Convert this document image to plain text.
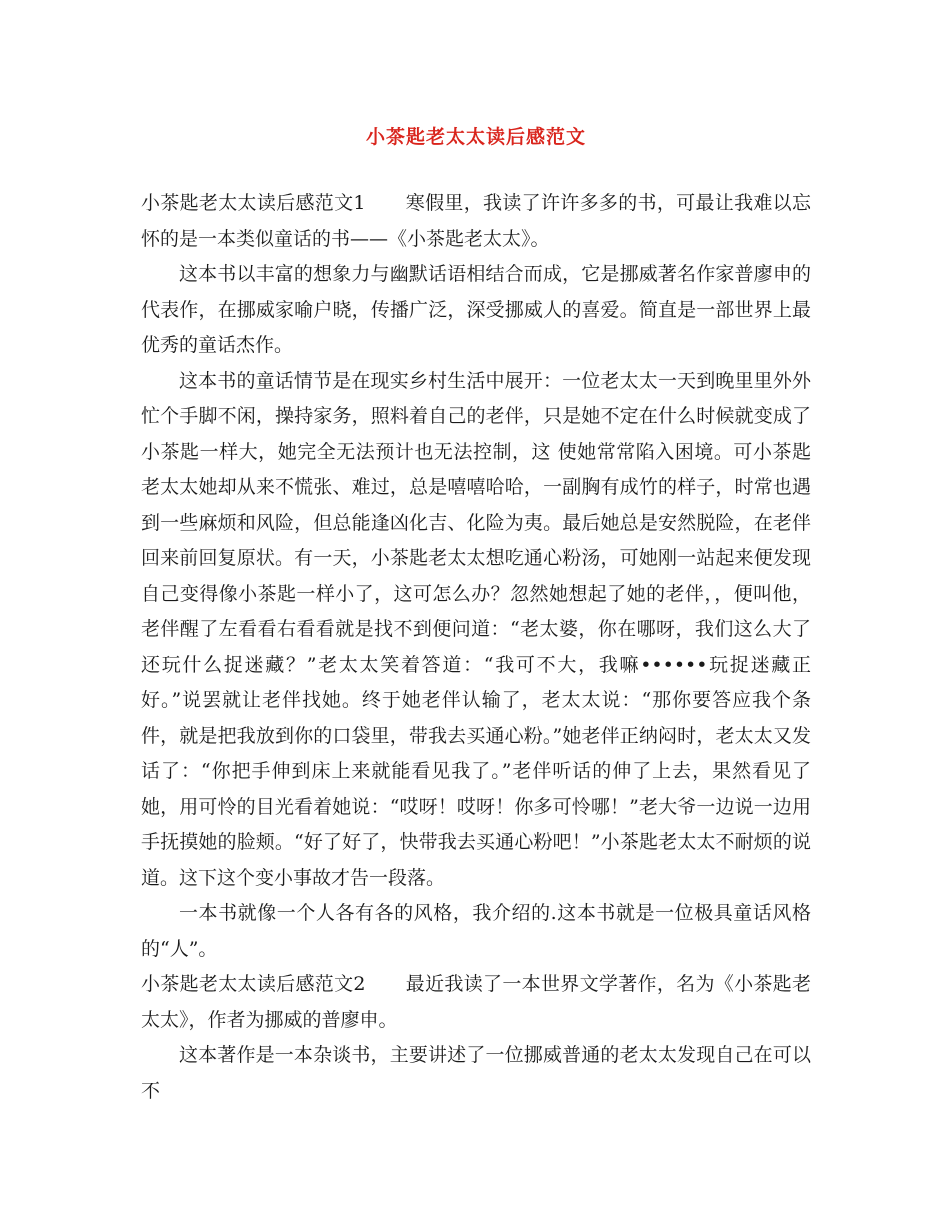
小茶匙老太太读后感范文

小茶匙老太太读后感范文1 寒假里，我读了许许多多的书，可最让我难以忘怀的是一本类似童话的书——《小茶匙老太太》。

这本书以丰富的想象力与幽默话语相结合而成，它是挪威著名作家普廖申的代表作，在挪威家喻户晓，传播广泛，深受挪威人的喜爱。简直是一部世界上最优秀的童话杰作。

这本书的童话情节是在现实乡村生活中展开：一位老太太一天到晚里里外外忙个手脚不闲，操持家务，照料着自己的老伴，只是她不定在什么时候就变成了小茶匙一样大，她完全无法预计也无法控制，这 使她常常陷入困境。可小茶匙老太太她却从来不慌张、难过，总是嘻嘻哈哈，一副胸有成竹的样子，时常也遇到一些麻烦和风险，但总能逢凶化吉、化险为夷。最后她总是安然脱险，在老伴回来前回复原状。有一天，小茶匙老太太想吃通心粉汤，可她刚一站起来便发现自己变得像小茶匙一样小了，这可怎么办？忽然她想起了她的老伴，，便叫他，老伴醒了左看看右看看就是找不到便问道：“老太婆，你在哪呀，我们这么大了还玩什么捉迷藏？”老太太笑着答道：“我可不大，我嘛••••••玩捉迷藏正好。”说罢就让老伴找她。终于她老伴认输了，老太太说：“那你要答应我个条件，就是把我放到你的口袋里，带我去买通心粉。”她老伴正纳闷时，老太太又发话了：“你把手伸到床上来就能看见我了。”老伴听话的伸了上去，果然看见了她，用可怜的目光看着她说：“哎呀！哎呀！你多可怜哪！”老大爷一边说一边用手抚摸她的脸颊。“好了好了，快带我去买通心粉吧！”小茶匙老太太不耐烦的说道。这下这个变小事故才告一段落。

一本书就像一个人各有各的风格，我介绍的.这本书就是一位极具童话风格的“人”。

小茶匙老太太读后感范文2 最近我读了一本世界文学著作，名为《小茶匙老太太》，作者为挪威的普廖申。

这本著作是一本杂谈书，主要讲述了一位挪威普通的老太太发现自己在可以不
